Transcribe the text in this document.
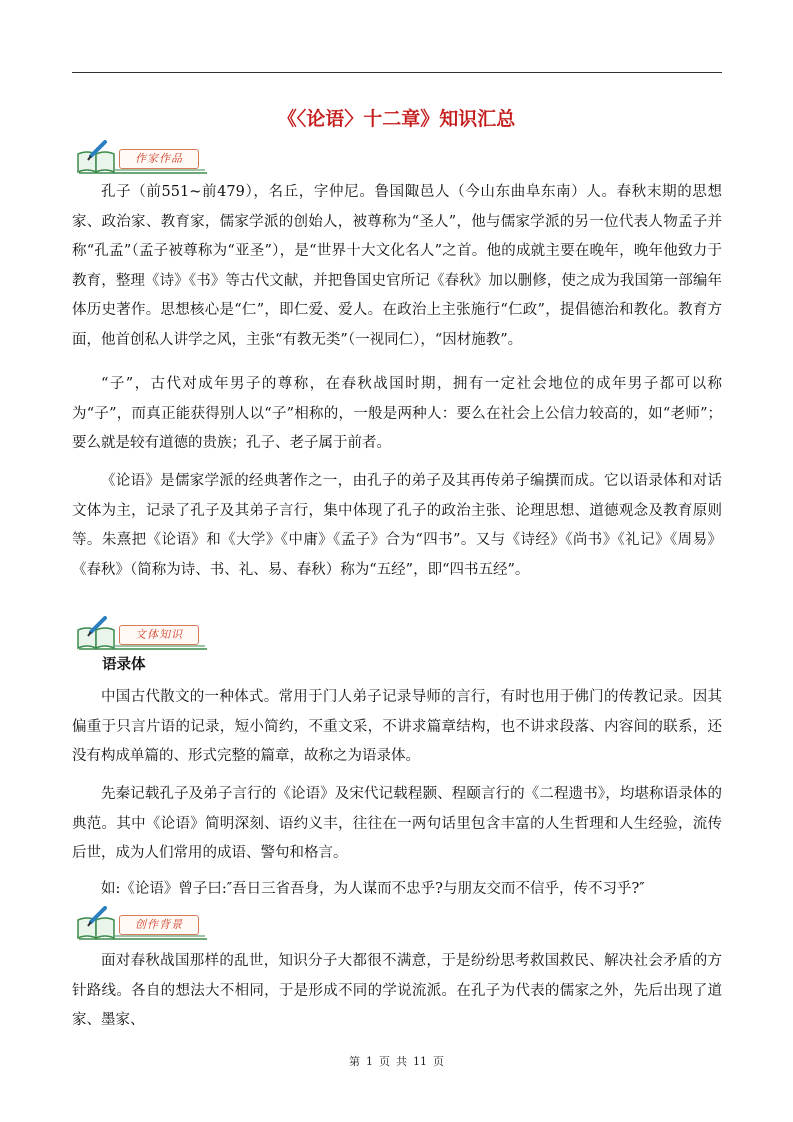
《〈论语〉十二章》知识汇总
作家作品

孔子（前551~前479），名丘，字仲尼。鲁国陬邑人（今山东曲阜东南）人。春秋末期的思想家、政治家、教育家，儒家学派的创始人，被尊称为“圣人”，他与儒家学派的另一位代表人物孟子并称“孔孟”（孟子被尊称为“亚圣”），是“世界十大文化名人”之首。他的成就主要在晚年，晚年他致力于教育，整理《诗》《书》等古代文献，并把鲁国史官所记《春秋》加以删修，使之成为我国第一部编年体历史著作。思想核心是“仁”，即仁爱、爱人。在政治上主张施行“仁政”，提倡德治和教化。教育方面，他首创私人讲学之风，主张“有教无类”（一视同仁），“因材施教”。

“子”，古代对成年男子的尊称，在春秋战国时期，拥有一定社会地位的成年男子都可以称为“子”，而真正能获得别人以“子”相称的，一般是两种人：要么在社会上公信力较高的，如“老师”；要么就是较有道德的贵族；孔子、老子属于前者。

《论语》是儒家学派的经典著作之一，由孔子的弟子及其再传弟子编撰而成。它以语录体和对话文体为主，记录了孔子及其弟子言行，集中体现了孔子的政治主张、论理思想、道德观念及教育原则等。朱熹把《论语》和《大学》《中庸》《孟子》合为“四书”。又与《诗经》《尚书》《礼记》《周易》《春秋》（简称为诗、书、礼、易、春秋）称为“五经”，即“四书五经”。

文体知识
语录体

中国古代散文的一种体式。常用于门人弟子记录导师的言行，有时也用于佛门的传教记录。因其偏重于只言片语的记录，短小简约，不重文采，不讲求篇章结构，也不讲求段落、内容间的联系，还没有构成单篇的、形式完整的篇章，故称之为语录体。

先秦记载孔子及弟子言行的《论语》及宋代记载程颢、程颐言行的《二程遗书》，均堪称语录体的典范。其中《论语》简明深刻、语约义丰，往往在一两句话里包含丰富的人生哲理和人生经验，流传后世，成为人们常用的成语、警句和格言。

如:《论语》曾子曰:″吾日三省吾身，为人谋而不忠乎?与朋友交而不信乎，传不习乎?″

创作背景

面对春秋战国那样的乱世，知识分子大都很不满意，于是纷纷思考救国救民、解决社会矛盾的方针路线。各自的想法大不相同，于是形成不同的学说流派。在孔子为代表的儒家之外，先后出现了道家、墨家、

第 1 页 共 11 页
